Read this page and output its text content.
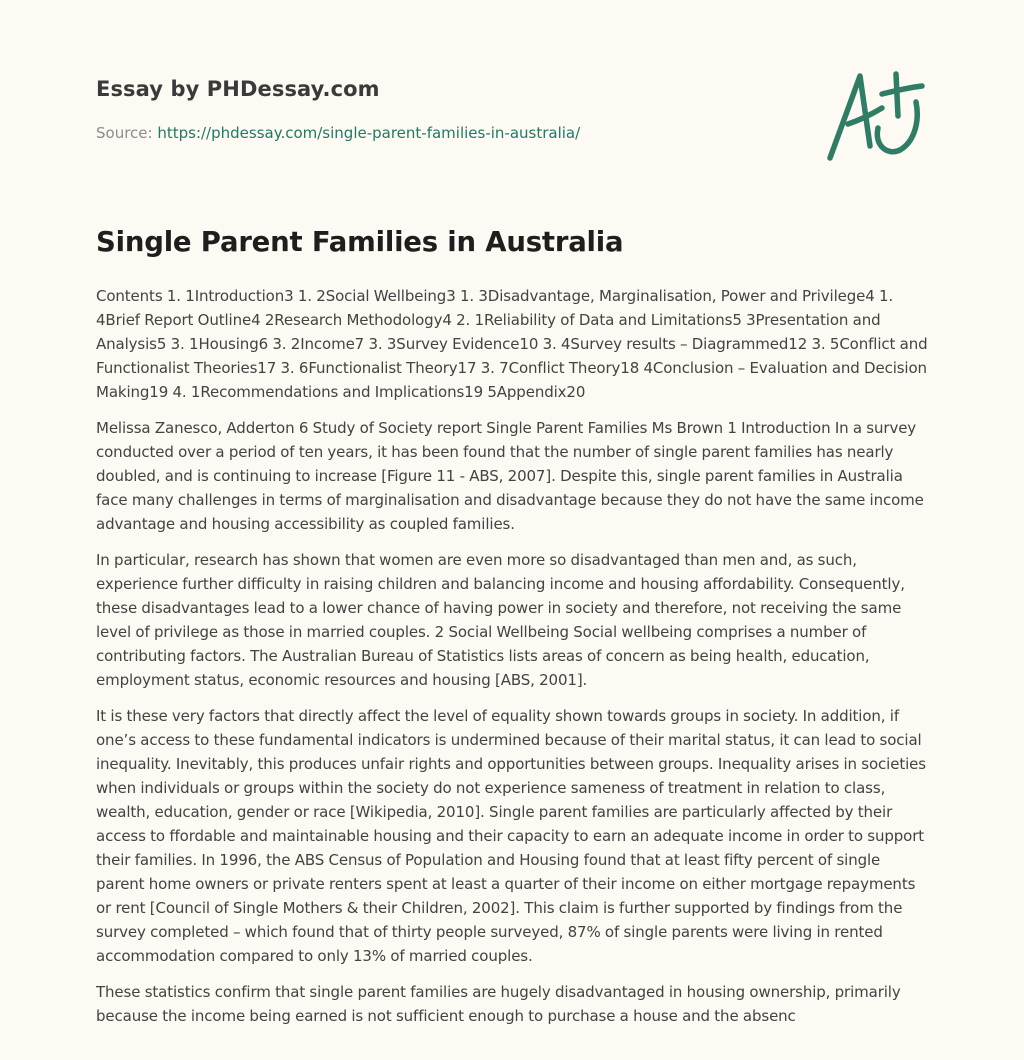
Essay by PHDessay.com
Source: https://phdessay.com/single-parent-families-in-australia/
Single Parent Families in Australia

Contents 1. 1Introduction3 1. 2Social Wellbeing3 1. 3Disadvantage, Marginalisation, Power and Privilege4 1. 4Brief Report Outline4 2Research Methodology4 2. 1Reliability of Data and Limitations5 3Presentation and Analysis5 3. 1Housing6 3. 2Income7 3. 3Survey Evidence10 3. 4Survey results – Diagrammed12 3. 5Conflict and Functionalist Theories17 3. 6Functionalist Theory17 3. 7Conflict Theory18 4Conclusion – Evaluation and Decision Making19 4. 1Recommendations and Implications19 5Appendix20

Melissa Zanesco, Adderton 6 Study of Society report Single Parent Families Ms Brown 1 Introduction In a survey conducted over a period of ten years, it has been found that the number of single parent families has nearly doubled, and is continuing to increase [Figure 11 - ABS, 2007]. Despite this, single parent families in Australia face many challenges in terms of marginalisation and disadvantage because they do not have the same income advantage and housing accessibility as coupled families.

In particular, research has shown that women are even more so disadvantaged than men and, as such, experience further difficulty in raising children and balancing income and housing affordability. Consequently, these disadvantages lead to a lower chance of having power in society and therefore, not receiving the same level of privilege as those in married couples. 2 Social Wellbeing Social wellbeing comprises a number of contributing factors. The Australian Bureau of Statistics lists areas of concern as being health, education, employment status, economic resources and housing [ABS, 2001].

It is these very factors that directly affect the level of equality shown towards groups in society. In addition, if one’s access to these fundamental indicators is undermined because of their marital status, it can lead to social inequality. Inevitably, this produces unfair rights and opportunities between groups. Inequality arises in societies when individuals or groups within the society do not experience sameness of treatment in relation to class, wealth, education, gender or race [Wikipedia, 2010]. Single parent families are particularly affected by their access to ffordable and maintainable housing and their capacity to earn an adequate income in order to support their families. In 1996, the ABS Census of Population and Housing found that at least fifty percent of single parent home owners or private renters spent at least a quarter of their income on either mortgage repayments or rent [Council of Single Mothers & their Children, 2002]. This claim is further supported by findings from the survey completed – which found that of thirty people surveyed, 87% of single parents were living in rented accommodation compared to only 13% of married couples.

These statistics confirm that single parent families are hugely disadvantaged in housing ownership, primarily because the income being earned is not sufficient enough to purchase a house and the absenc
